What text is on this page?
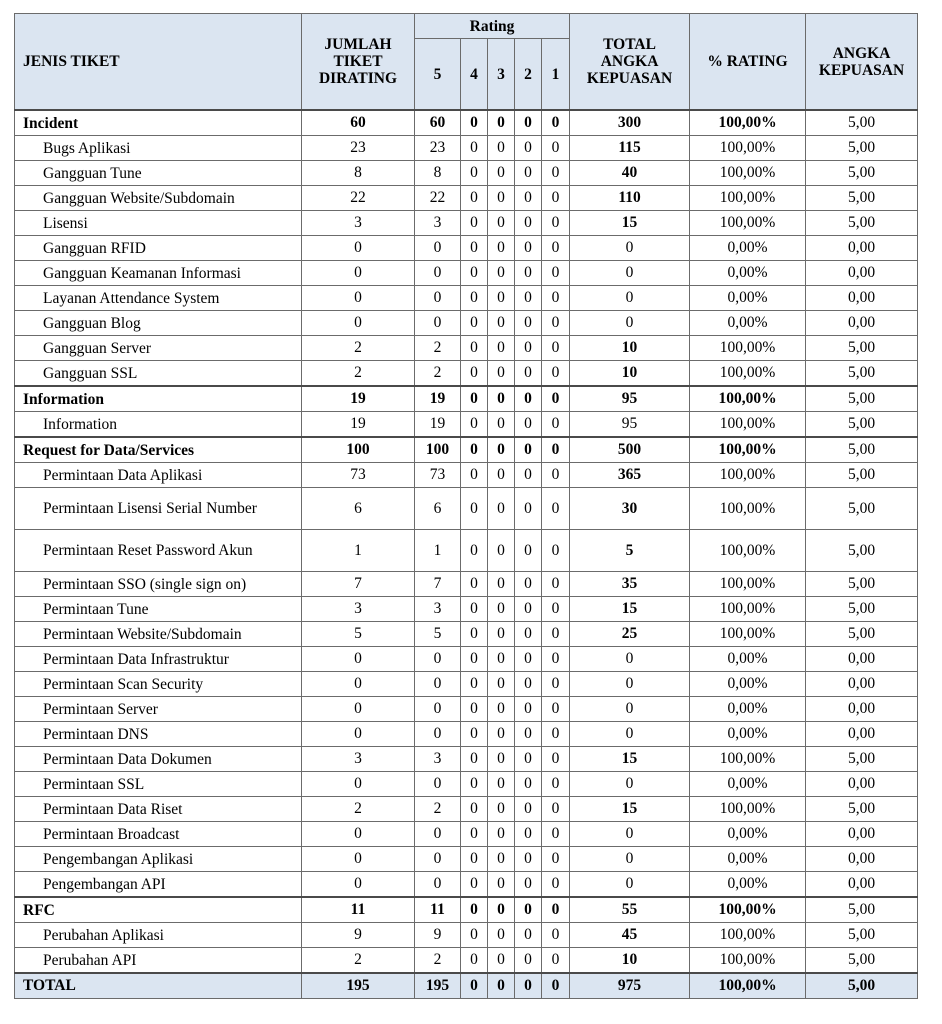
JENIS TIKET	JUMLAH TIKET DIRATING	Rating					TOTAL ANGKA KEPUASAN	% RATING	ANGKA KEPUASAN
		5	4	3	2	1			
Incident	60	60	0	0	0	0	300	100,00%	5,00
Bugs Aplikasi	23	23	0	0	0	0	115	100,00%	5,00
Gangguan Tune	8	8	0	0	0	0	40	100,00%	5,00
Gangguan Website/Subdomain	22	22	0	0	0	0	110	100,00%	5,00
Lisensi	3	3	0	0	0	0	15	100,00%	5,00
Gangguan RFID	0	0	0	0	0	0	0	0,00%	0,00
Gangguan Keamanan Informasi	0	0	0	0	0	0	0	0,00%	0,00
Layanan Attendance System	0	0	0	0	0	0	0	0,00%	0,00
Gangguan Blog	0	0	0	0	0	0	0	0,00%	0,00
Gangguan Server	2	2	0	0	0	0	10	100,00%	5,00
Gangguan SSL	2	2	0	0	0	0	10	100,00%	5,00
Information	19	19	0	0	0	0	95	100,00%	5,00
Information	19	19	0	0	0	0	95	100,00%	5,00
Request for Data/Services	100	100	0	0	0	0	500	100,00%	5,00
Permintaan Data Aplikasi	73	73	0	0	0	0	365	100,00%	5,00
Permintaan Lisensi Serial Number	6	6	0	0	0	0	30	100,00%	5,00
Permintaan Reset Password Akun	1	1	0	0	0	0	5	100,00%	5,00
Permintaan SSO (single sign on)	7	7	0	0	0	0	35	100,00%	5,00
Permintaan Tune	3	3	0	0	0	0	15	100,00%	5,00
Permintaan Website/Subdomain	5	5	0	0	0	0	25	100,00%	5,00
Permintaan Data Infrastruktur	0	0	0	0	0	0	0	0,00%	0,00
Permintaan Scan Security	0	0	0	0	0	0	0	0,00%	0,00
Permintaan Server	0	0	0	0	0	0	0	0,00%	0,00
Permintaan DNS	0	0	0	0	0	0	0	0,00%	0,00
Permintaan Data Dokumen	3	3	0	0	0	0	15	100,00%	5,00
Permintaan SSL	0	0	0	0	0	0	0	0,00%	0,00
Permintaan Data Riset	2	2	0	0	0	0	15	100,00%	5,00
Permintaan Broadcast	0	0	0	0	0	0	0	0,00%	0,00
Pengembangan Aplikasi	0	0	0	0	0	0	0	0,00%	0,00
Pengembangan API	0	0	0	0	0	0	0	0,00%	0,00
RFC	11	11	0	0	0	0	55	100,00%	5,00
Perubahan Aplikasi	9	9	0	0	0	0	45	100,00%	5,00
Perubahan API	2	2	0	0	0	0	10	100,00%	5,00
TOTAL	195	195	0	0	0	0	975	100,00%	5,00
